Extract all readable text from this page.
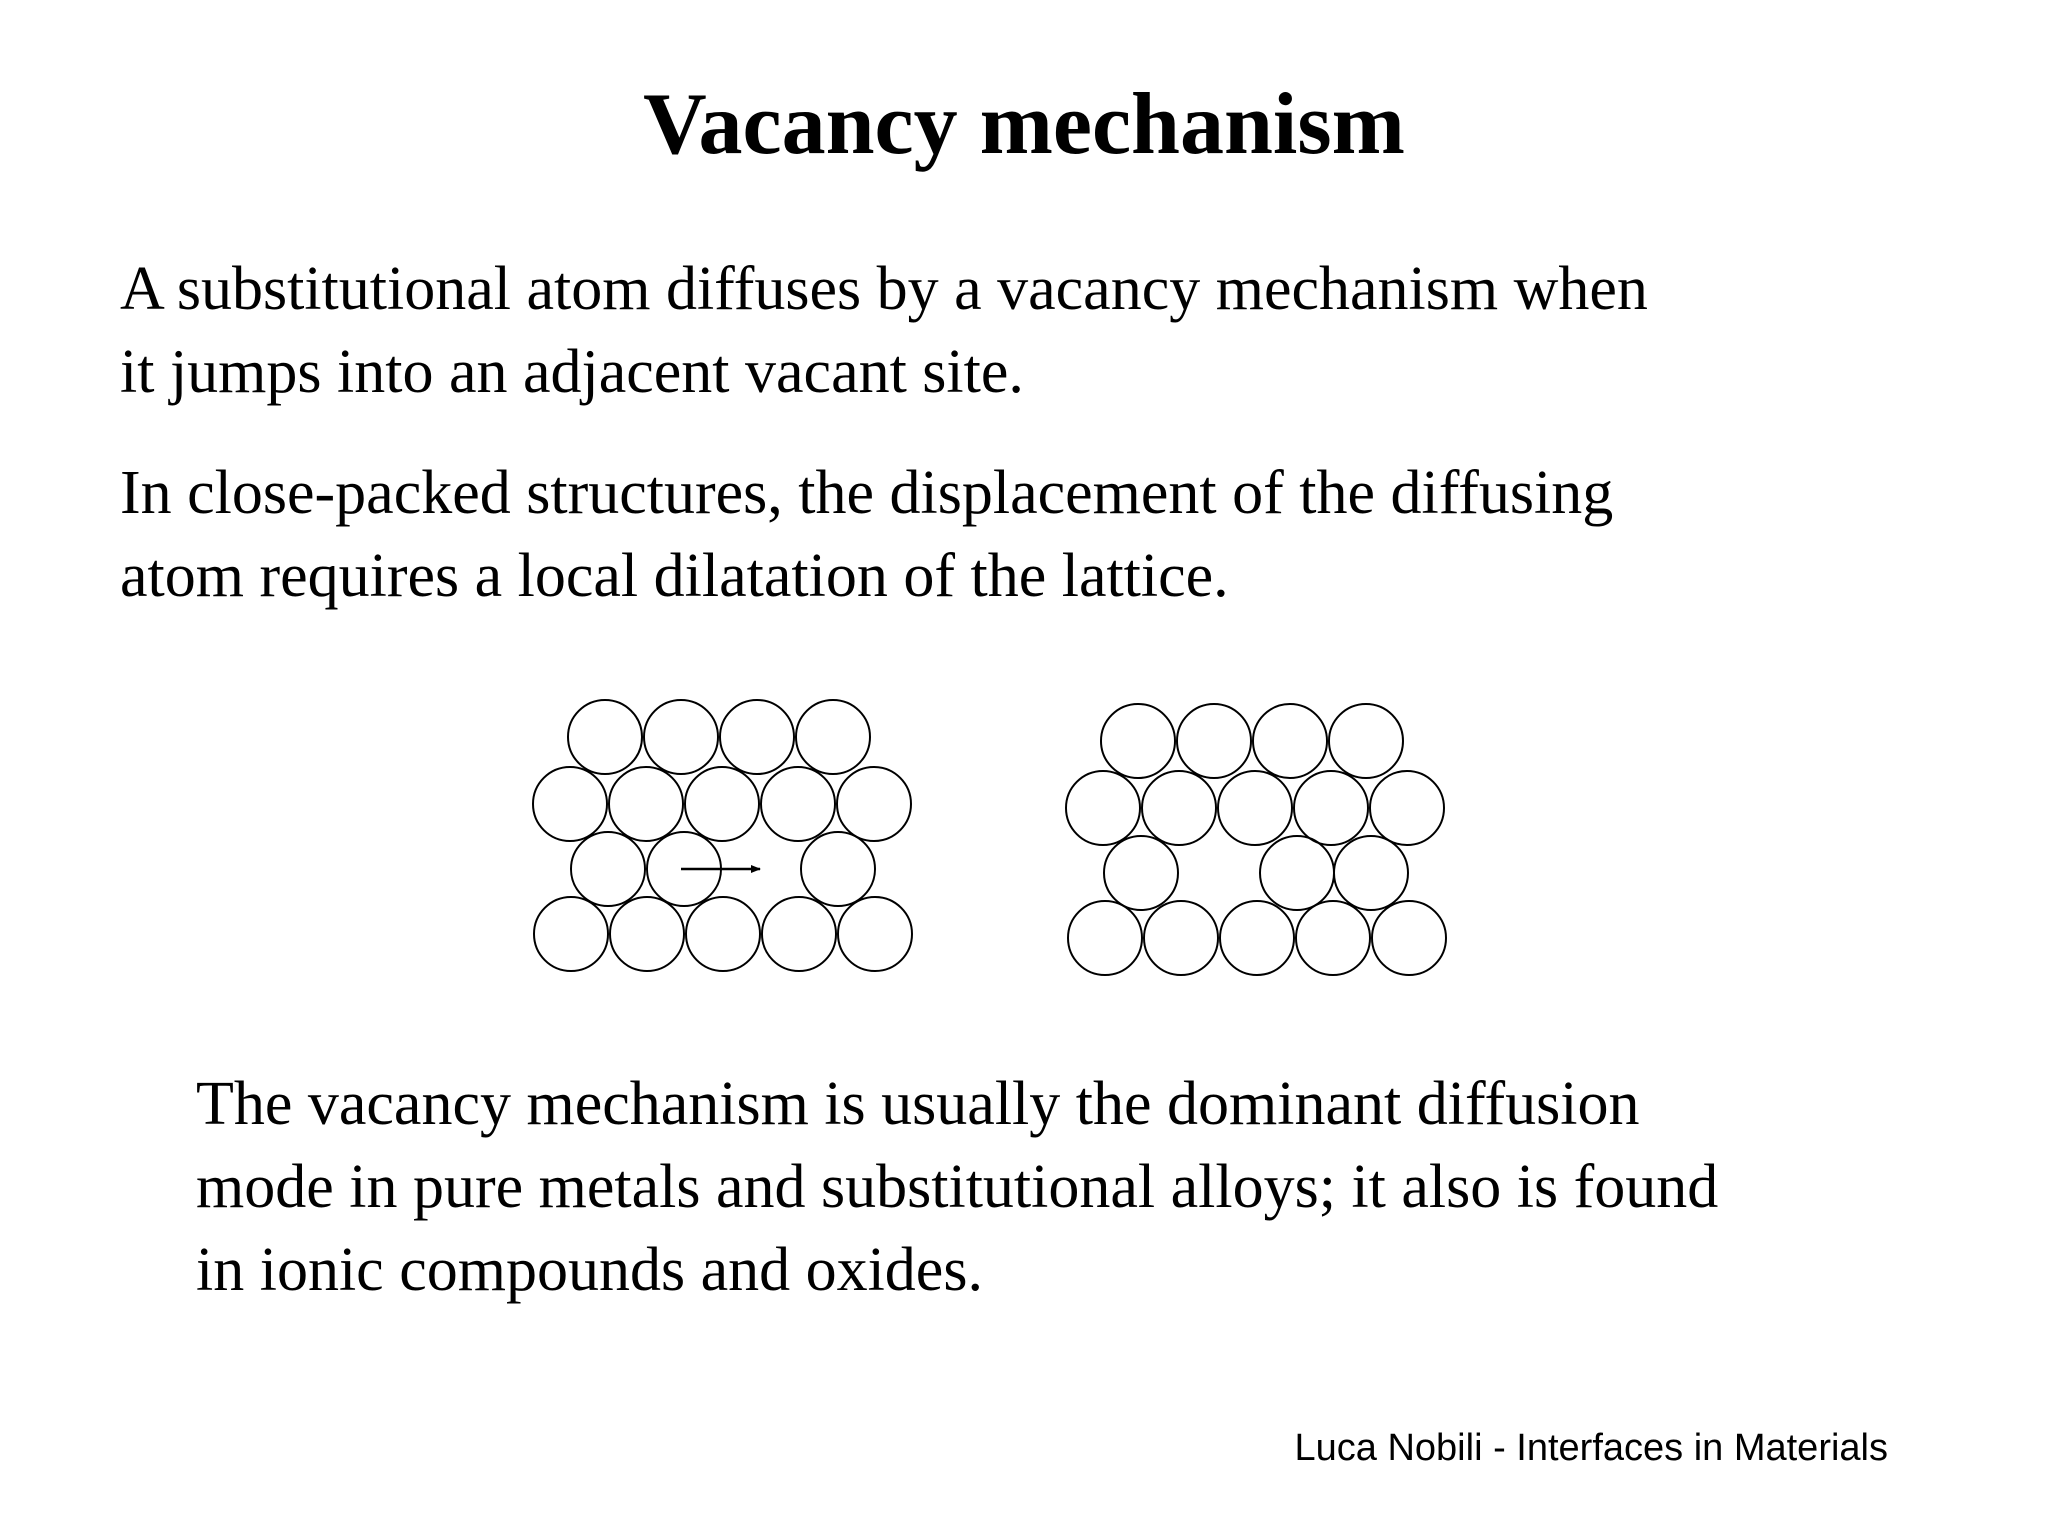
Vacancy mechanism

A substitutional atom diffuses by a vacancy mechanism when
it jumps into an adjacent vacant site.

In close-packed structures, the displacement of the diffusing
atom requires a local dilatation of the lattice.

The vacancy mechanism is usually the dominant diffusion
mode in pure metals and substitutional alloys; it also is found
in ionic compounds and oxides.

Luca Nobili - Interfaces in Materials
